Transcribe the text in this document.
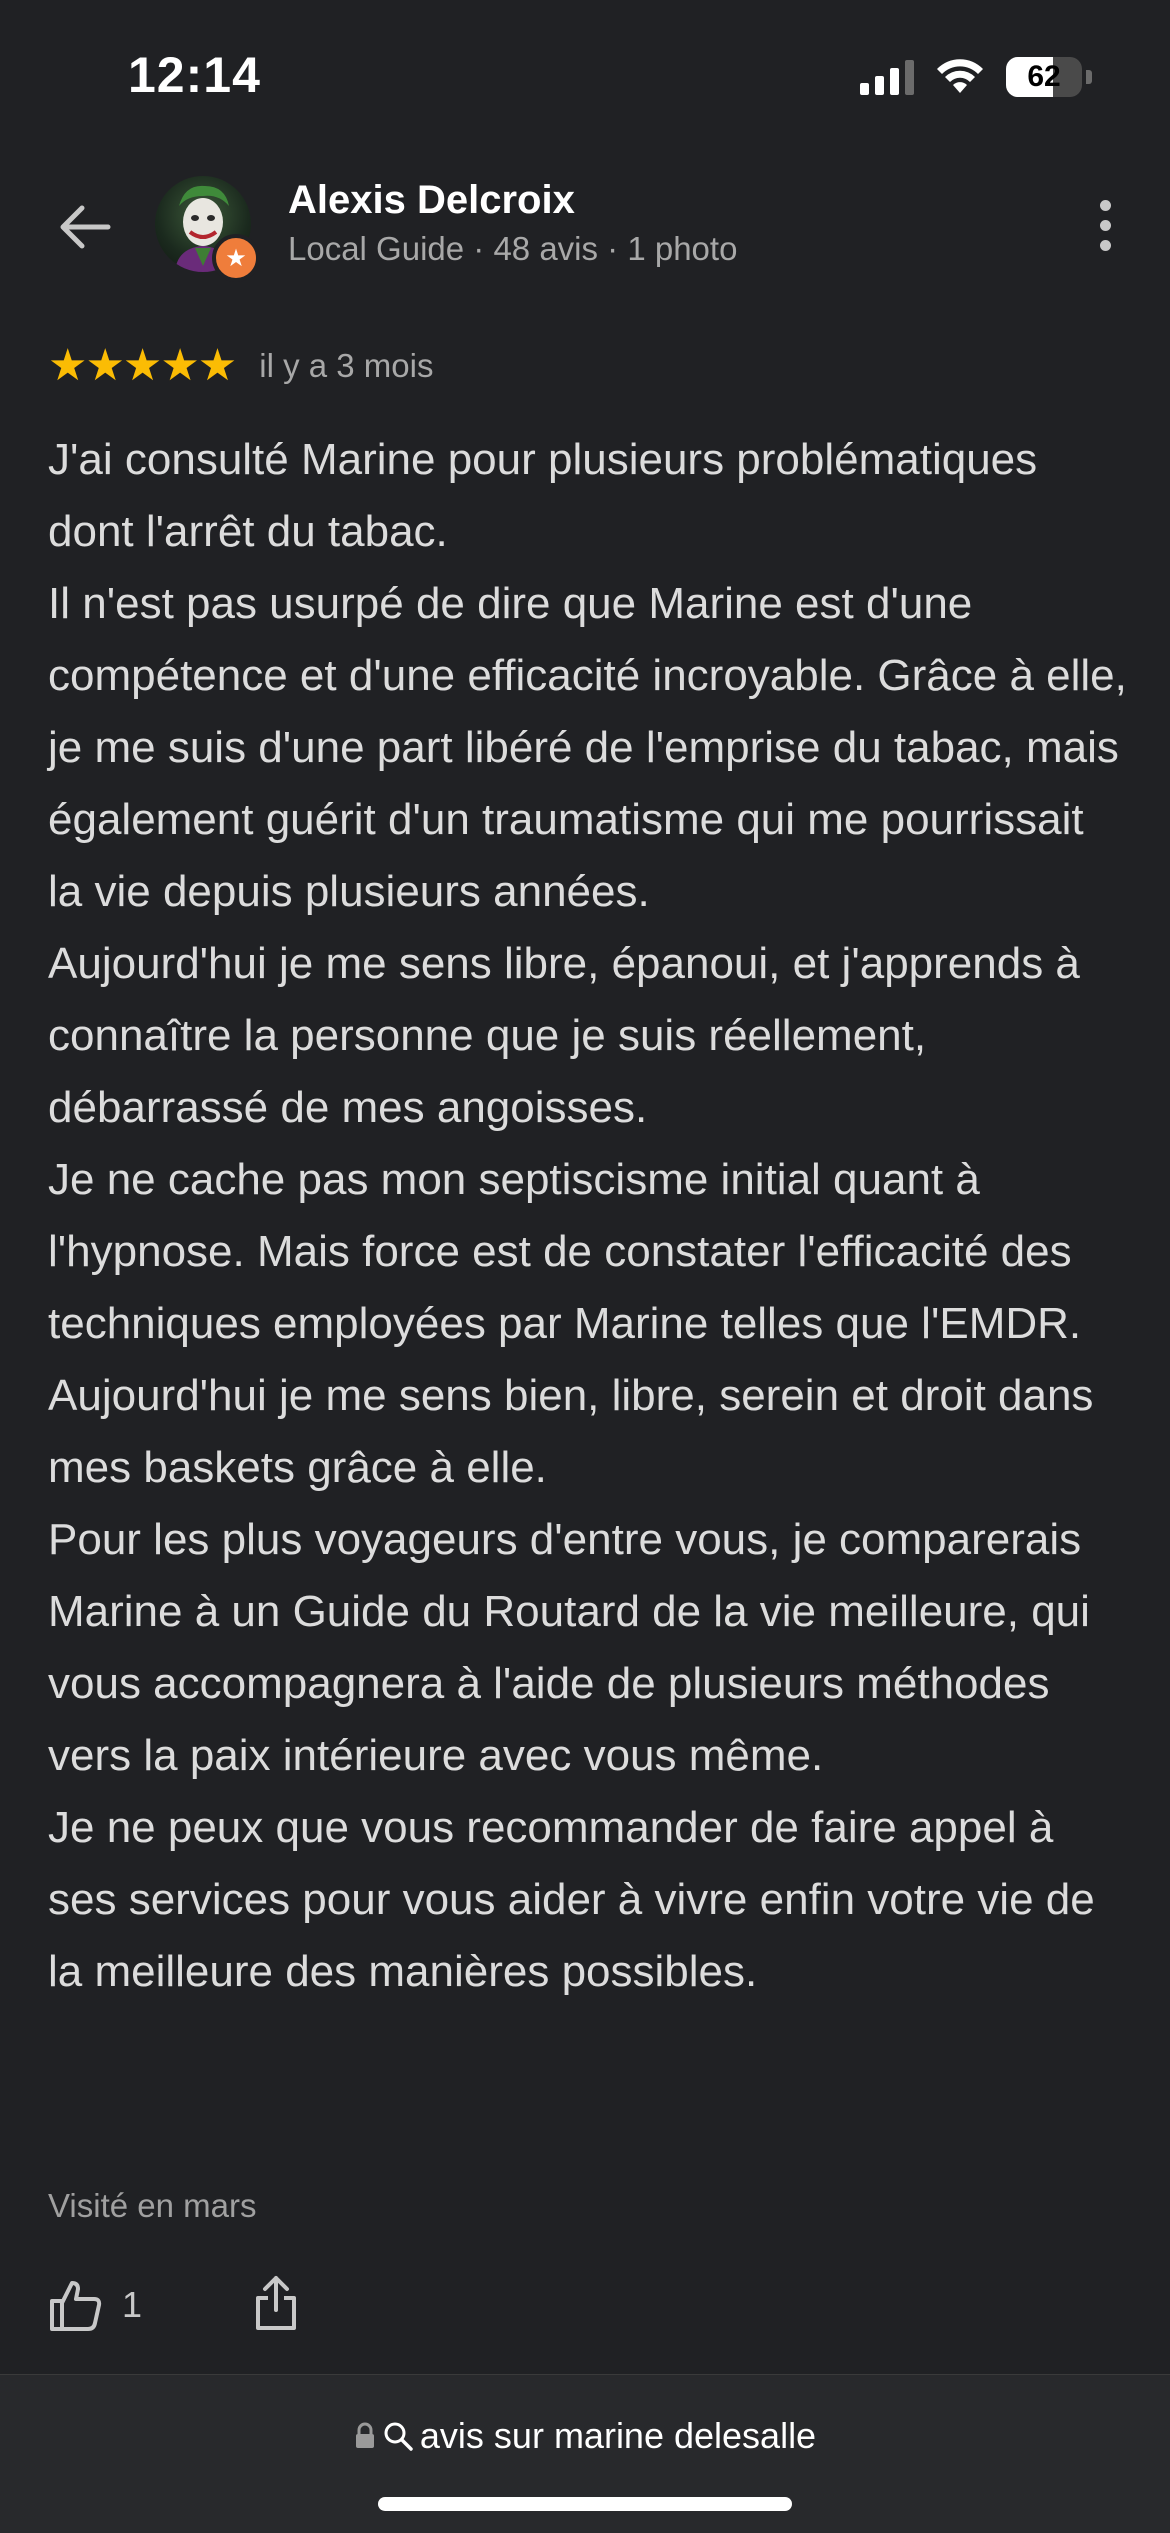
12:14	62
★
Alexis Delcroix
Local Guide · 48 avis · 1 photo
★★★★★ il y a 3 mois

J'ai consulté Marine pour plusieurs problématiques dont l'arrêt du tabac.

Il n'est pas usurpé de dire que Marine est d'une compétence et d'une efficacité incroyable. Grâce à elle, je me suis d'une part libéré de l'emprise du tabac, mais également guérit d'un traumatisme qui me pourrissait la vie depuis plusieurs années.

Aujourd'hui je me sens libre, épanoui, et j'apprends à connaître la personne que je suis réellement, débarrassé de mes angoisses.

Je ne cache pas mon septiscisme initial quant à l'hypnose. Mais force est de constater l'efficacité des techniques employées par Marine telles que l'EMDR.

Aujourd'hui je me sens bien, libre, serein et droit dans mes baskets grâce à elle.

Pour les plus voyageurs d'entre vous, je comparerais Marine à un Guide du Routard de la vie meilleure, qui vous accompagnera à l'aide de plusieurs méthodes vers la paix intérieure avec vous même.

Je ne peux que vous recommander de faire appel à ses services pour vous aider à vivre enfin votre vie de la meilleure des manières possibles.

Visité en mars
1
avis sur marine delesalle
